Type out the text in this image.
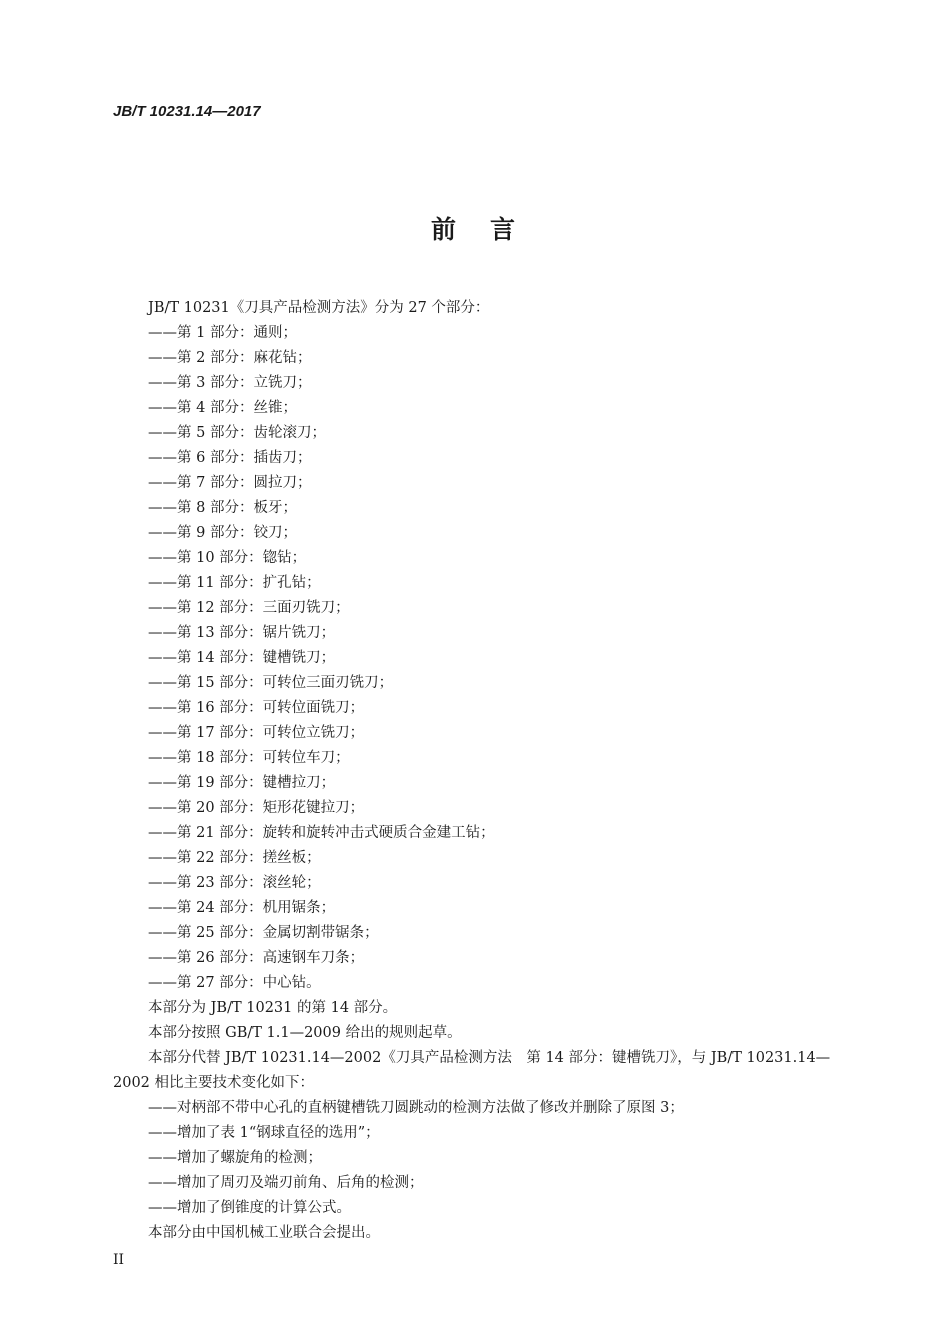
JB/T 10231.14—2017
前言
JB/T 10231《刀具产品检测方法》分为 27 个部分：
——第 1 部分：通则；
——第 2 部分：麻花钻；
——第 3 部分：立铣刀；
——第 4 部分：丝锥；
——第 5 部分：齿轮滚刀；
——第 6 部分：插齿刀；
——第 7 部分：圆拉刀；
——第 8 部分：板牙；
——第 9 部分：铰刀；
——第 10 部分：锪钻；
——第 11 部分：扩孔钻；
——第 12 部分：三面刃铣刀；
——第 13 部分：锯片铣刀；
——第 14 部分：键槽铣刀；
——第 15 部分：可转位三面刃铣刀；
——第 16 部分：可转位面铣刀；
——第 17 部分：可转位立铣刀；
——第 18 部分：可转位车刀；
——第 19 部分：键槽拉刀；
——第 20 部分：矩形花键拉刀；
——第 21 部分：旋转和旋转冲击式硬质合金建工钻；
——第 22 部分：搓丝板；
——第 23 部分：滚丝轮；
——第 24 部分：机用锯条；
——第 25 部分：金属切割带锯条；
——第 26 部分：高速钢车刀条；
——第 27 部分：中心钻。
本部分为 JB/T 10231 的第 14 部分。
本部分按照 GB/T 1.1—2009 给出的规则起草。
本部分代替 JB/T 10231.14—2002《刀具产品检测方法　第 14 部分：键槽铣刀》，与 JB/T 10231.14—
2002 相比主要技术变化如下：
——对柄部不带中心孔的直柄键槽铣刀圆跳动的检测方法做了修改并删除了原图 3；
——增加了表 1“钢球直径的选用”；
——增加了螺旋角的检测；
——增加了周刃及端刃前角、后角的检测；
——增加了倒锥度的计算公式。
本部分由中国机械工业联合会提出。
II
